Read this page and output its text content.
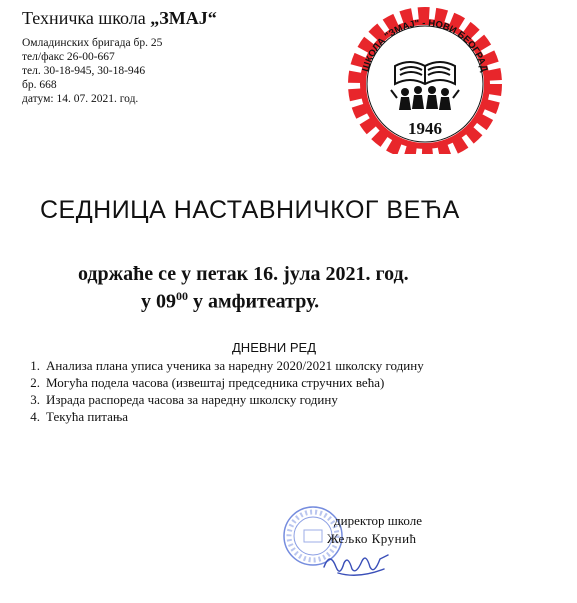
Техничка школа „ЗМАЈ“
Омладинских бригада бр. 25
тел/факс 26-00-667
тел. 30-18-945, 30-18-946
бр. 668
датум: 14. 07. 2021. год.
ШКОЛА "ЗМАЈ" - НОВИ БЕОГРАД
1946
СЕДНИЦА НАСТАВНИЧКОГ ВЕЋА
одржаће се у петак 16. јула 2021. год.
у $09^{00}$ у амфитеатру.
ДНЕВНИ РЕД
1. Анализа плана уписа ученика за наредну 2020/2021 школску годину
2. Могућа подела часова (извештај председника стручних већа)
3. Израда распореда часова за наредну школску годину
4. Текућа питања
директор школе
Жељко Крунић
